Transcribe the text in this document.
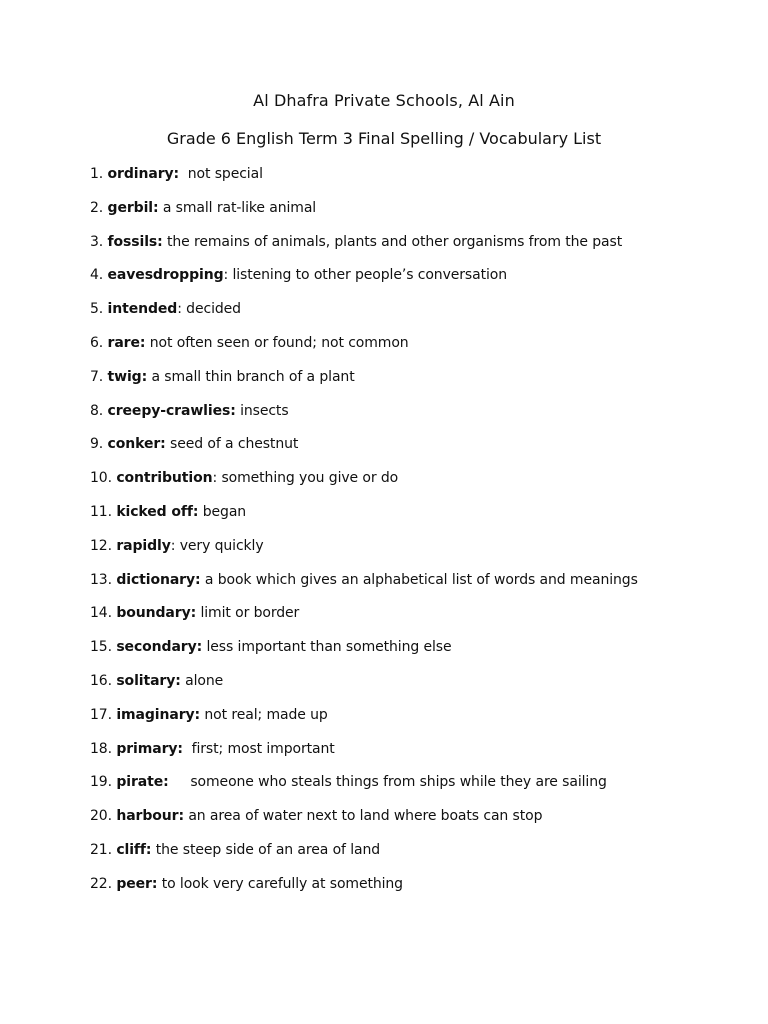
Al Dhafra Private Schools, Al Ain
Grade 6 English Term 3 Final Spelling / Vocabulary List
1. ordinary: not special
2. gerbil: a small rat-like animal
3. fossils: the remains of animals, plants and other organisms from the past
4. eavesdropping: listening to other people’s conversation
5. intended: decided
6. rare: not often seen or found; not common
7. twig: a small thin branch of a plant
8. creepy-crawlies: insects
9. conker: seed of a chestnut
10. contribution: something you give or do
11. kicked off: began
12. rapidly: very quickly
13. dictionary: a book which gives an alphabetical list of words and meanings
14. boundary: limit or border
15. secondary: less important than something else
16. solitary: alone
17. imaginary: not real; made up
18. primary: first; most important
19. pirate: someone who steals things from ships while they are sailing
20. harbour: an area of water next to land where boats can stop
21. cliff: the steep side of an area of land
22. peer: to look very carefully at something
